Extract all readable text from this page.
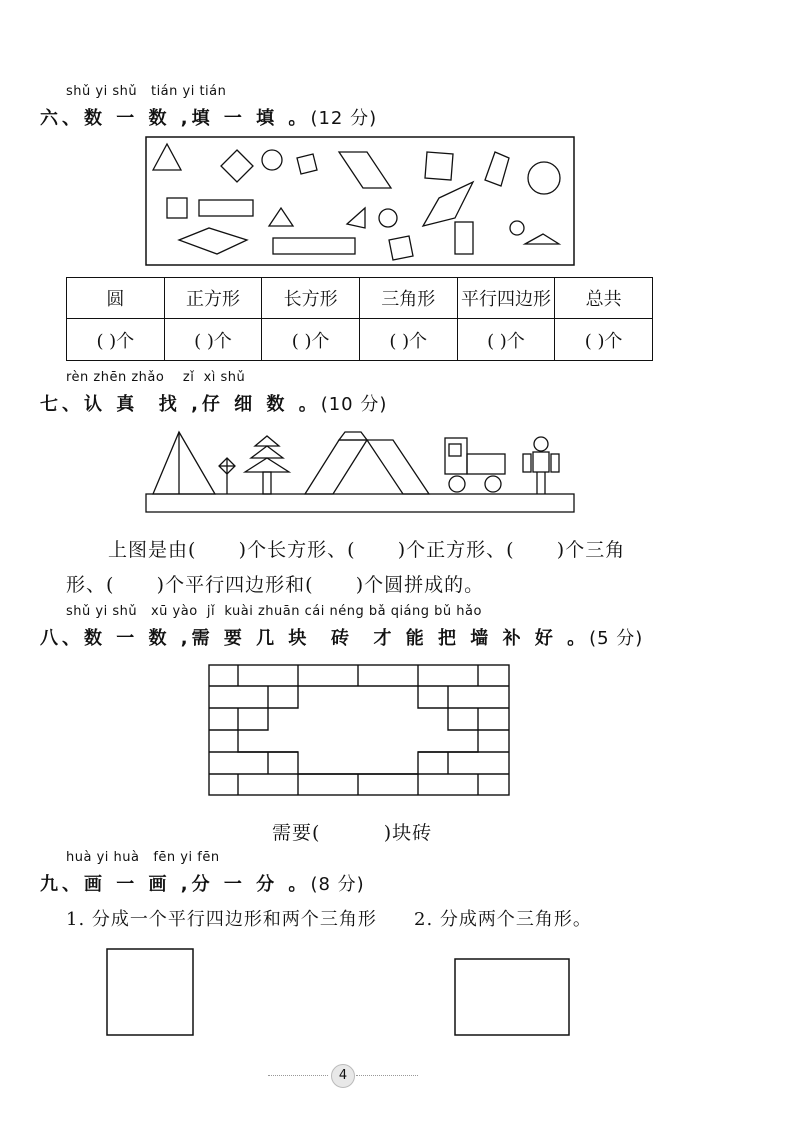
shǔ yi shǔ   tián yi tián
六、数 一 数 ,填 一 填 。(12 分)
圆	正方形	长方形	三角形	平行四边形	总共
( )个	( )个	( )个	( )个	( )个	( )个
rèn zhēn zhǎo    zǐ  xì shǔ
七、认 真  找 ,仔 细 数 。(10 分)
上图是由(      )个长方形、(      )个正方形、(      )个三角
形、(      )个平行四边形和(      )个圆拼成的。
shǔ yi shǔ   xū yào  jǐ  kuài zhuān cái néng bǎ qiáng bǔ hǎo
八、数 一 数 ,需 要 几 块  砖  才 能 把 墙 补 好 。(5 分)
需要(         )块砖
huà yi huà   fēn yi fēn
九、画 一 画 ,分 一 分 。(8 分)
1. 分成一个平行四边形和两个三角形 2. 分成两个三角形。
4
